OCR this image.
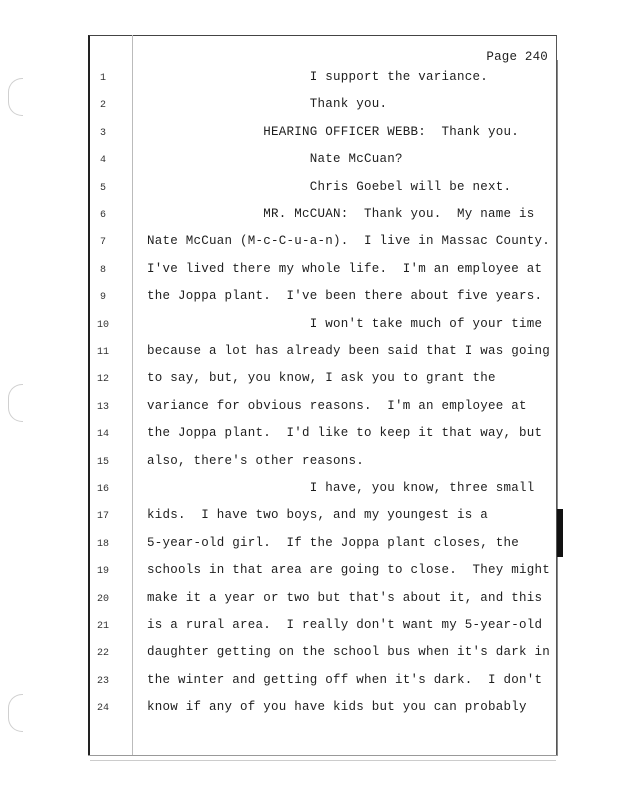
Page 240
1	I support the variance.
2	Thank you.
3	HEARING OFFICER WEBB:  Thank you.
4	Nate McCuan?
5	Chris Goebel will be next.
6	MR. McCUAN:  Thank you.  My name is
7	Nate McCuan (M-c-C-u-a-n).  I live in Massac County.
8	I've lived there my whole life.  I'm an employee at
9	the Joppa plant.  I've been there about five years.
10	I won't take much of your time
11	because a lot has already been said that I was going
12	to say, but, you know, I ask you to grant the
13	variance for obvious reasons.  I'm an employee at
14	the Joppa plant.  I'd like to keep it that way, but
15	also, there's other reasons.
16	I have, you know, three small
17	kids.  I have two boys, and my youngest is a
18	5-year-old girl.  If the Joppa plant closes, the
19	schools in that area are going to close.  They might
20	make it a year or two but that's about it, and this
21	is a rural area.  I really don't want my 5-year-old
22	daughter getting on the school bus when it's dark in
23	the winter and getting off when it's dark.  I don't
24	know if any of you have kids but you can probably
